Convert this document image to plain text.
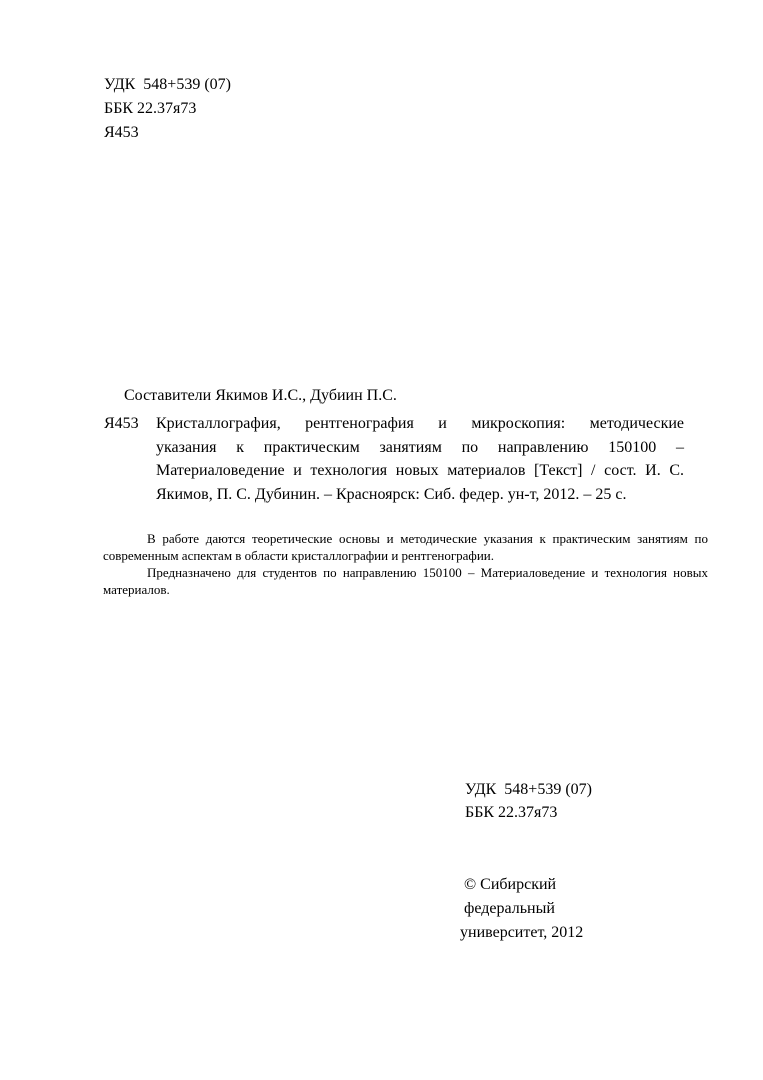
УДК  548+539 (07)
ББК 22.37я73
Я453
Составители Якимов И.С., Дубиин П.С.
Я453	Кристаллография, рентгенография и микроскопия: методические
указания к практическим занятиям по направлению 150100 –
Материаловедение и технология новых материалов [Текст] / сост. И. С.
Якимов, П. С. Дубинин. – Красноярск: Сиб. федер. ун-т, 2012. – 25 с.
В работе даются теоретические основы и методические указания к практическим занятиям по современным аспектам в области кристаллографии и рентгенографии.
Предназначено для студентов по направлению 150100 – Материаловедение и технология новых материалов.
УДК  548+539 (07)
ББК 22.37я73
© Сибирский
федеральный
университет, 2012
